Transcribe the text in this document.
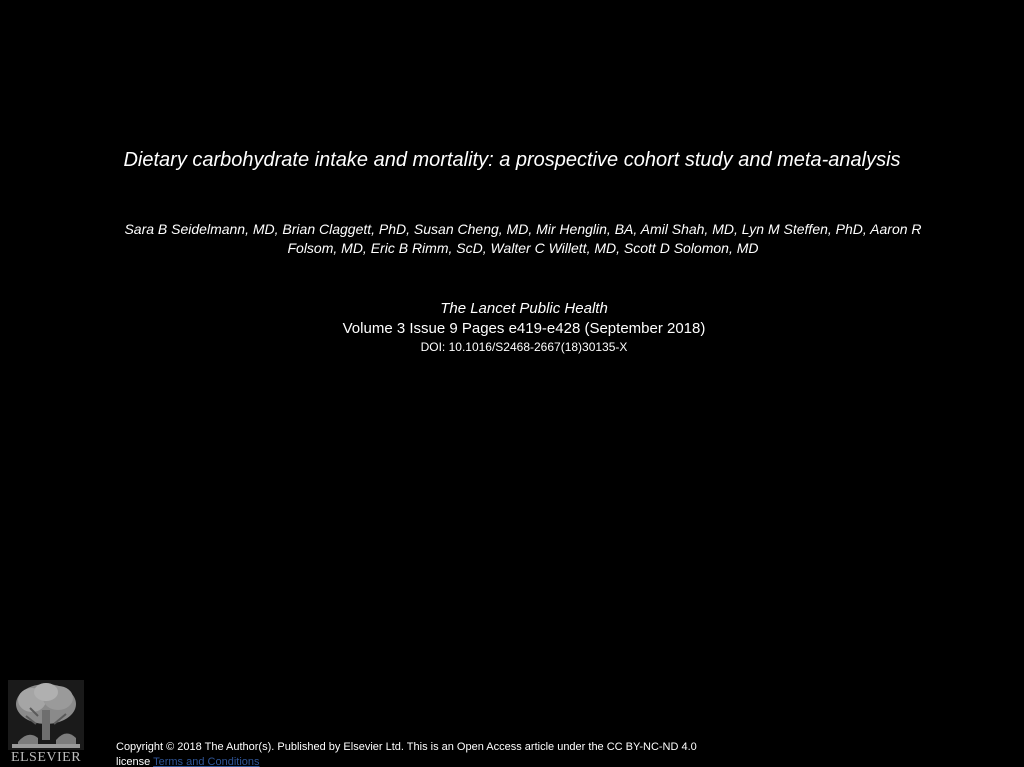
Dietary carbohydrate intake and mortality: a prospective cohort study and meta-analysis
Sara B Seidelmann, MD, Brian Claggett, PhD, Susan Cheng, MD, Mir Henglin, BA, Amil Shah, MD, Lyn M Steffen, PhD, Aaron R
Folsom, MD, Eric B Rimm, ScD, Walter C Willett, MD, Scott D Solomon, MD
The Lancet Public Health
Volume 3 Issue 9 Pages e419-e428 (September 2018)
DOI: 10.1016/S2468-2667(18)30135-X
ELSEVIER
Copyright © 2018 The Author(s). Published by Elsevier Ltd. This is an Open Access article under the CC BY-NC-ND 4.0 license Terms and Conditions
